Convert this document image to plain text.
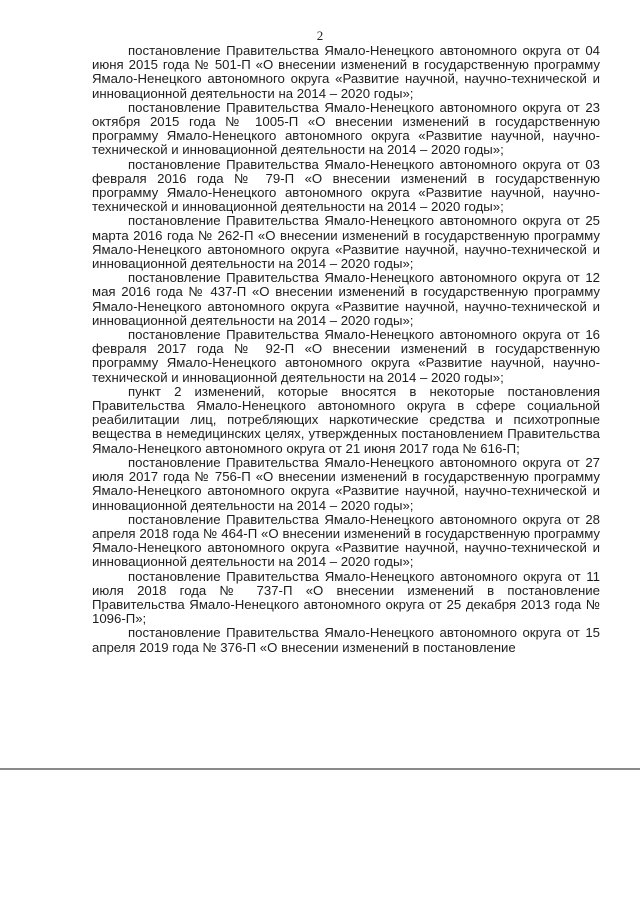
2

постановление Правительства Ямало-Ненецкого автономного округа от 04 июня 2015 года № 501-П «О внесении изменений в государственную программу Ямало-Ненецкого автономного округа «Развитие научной, научно-технической и инновационной деятельности на 2014 – 2020 годы»;

постановление Правительства Ямало-Ненецкого автономного округа от 23 октября 2015 года № 1005-П «О внесении изменений в государственную программу Ямало-Ненецкого автономного округа «Развитие научной, научно-технической и инновационной деятельности на 2014 – 2020 годы»;

постановление Правительства Ямало-Ненецкого автономного округа от 03 февраля 2016 года № 79-П «О внесении изменений в государственную программу Ямало-Ненецкого автономного округа «Развитие научной, научно-технической и инновационной деятельности на 2014 – 2020 годы»;

постановление Правительства Ямало-Ненецкого автономного округа от 25 марта 2016 года № 262-П «О внесении изменений в государственную программу Ямало-Ненецкого автономного округа «Развитие научной, научно-технической и инновационной деятельности на 2014 – 2020 годы»;

постановление Правительства Ямало-Ненецкого автономного округа от 12 мая 2016 года № 437-П «О внесении изменений в государственную программу Ямало-Ненецкого автономного округа «Развитие научной, научно-технической и инновационной деятельности на 2014 – 2020 годы»;

постановление Правительства Ямало-Ненецкого автономного округа от 16 февраля 2017 года № 92-П «О внесении изменений в государственную программу Ямало-Ненецкого автономного округа «Развитие научной, научно-технической и инновационной деятельности на 2014 – 2020 годы»;

пункт 2 изменений, которые вносятся в некоторые постановления Правительства Ямало-Ненецкого автономного округа в сфере социальной реабилитации лиц, потребляющих наркотические средства и психотропные вещества в немедицинских целях, утвержденных постановлением Правительства Ямало-Ненецкого автономного округа от 21 июня 2017 года № 616-П;

постановление Правительства Ямало-Ненецкого автономного округа от 27 июля 2017 года № 756-П «О внесении изменений в государственную программу Ямало-Ненецкого автономного округа «Развитие научной, научно-технической и инновационной деятельности на 2014 – 2020 годы»;

постановление Правительства Ямало-Ненецкого автономного округа от 28 апреля 2018 года № 464-П «О внесении изменений в государственную программу Ямало-Ненецкого автономного округа «Развитие научной, научно-технической и инновационной деятельности на 2014 – 2020 годы»;

постановление Правительства Ямало-Ненецкого автономного округа от 11 июля 2018 года № 737-П «О внесении изменений в постановление Правительства Ямало-Ненецкого автономного округа от 25 декабря 2013 года № 1096-П»;

постановление Правительства Ямало-Ненецкого автономного округа от 15 апреля 2019 года № 376-П «О внесении изменений в постановление
